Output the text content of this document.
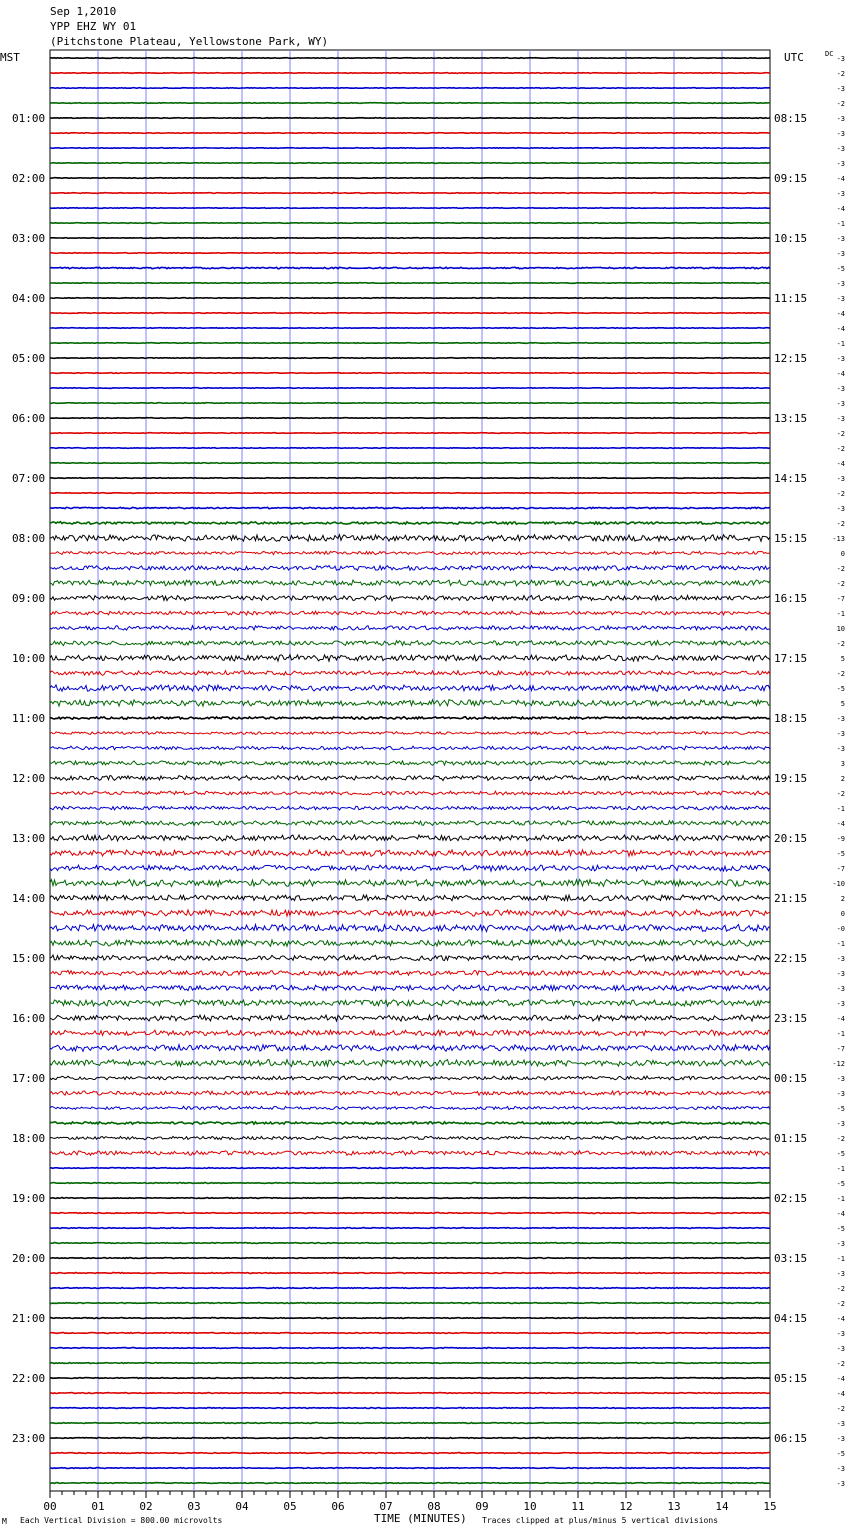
Sep 1,2010
YPP EHZ WY 01
(Pitchstone Plateau, Yellowstone Park, WY)
MST	UTC	DC
01:00
02:00
03:00
04:00
05:00
06:00
07:00
08:00
09:00
10:00
11:00
12:00
13:00
14:00
15:00
16:00
17:00
18:00
19:00
20:00
21:00
22:00
23:00
08:15
09:15
10:15
11:15
12:15
13:15
14:15
15:15
16:15
17:15
18:15
19:15
20:15
21:15
22:15
23:15
00:15
01:15
02:15
03:15
04:15
05:15
06:15
-3
-2
-3
-2
-3
-3
-3
-3
-4
-3
-4
-1
-3
-3
-5
-3
-3
-4
-4
-1
-3
-4
-3
-3
-3
-2
-2
-4
-3
-2
-3
-2
-13
0
-2
-2
-7
-1
10
-2
5
-2
-5
5
-3
-3
-3
3
2
-2
-1
-4
-9
-5
-7
-10
2
0
-0
-1
-3
-3
-3
-3
-4
-1
-7
-12
-3
-3
-5
-3
-2
-5
-1
-5
-1
-4
-5
-3
-1
-3
-2
-2
-4
-3
-3
-2
-4
-4
-2
-3
-3
-5
-3
-3
00	01	02	03	04	05	06	07	08	09	10	11	12	13	14	15
M Each Vertical Division = 800.00 microvolts	TIME (MINUTES) Traces clipped at plus/minus 5 vertical divisions
